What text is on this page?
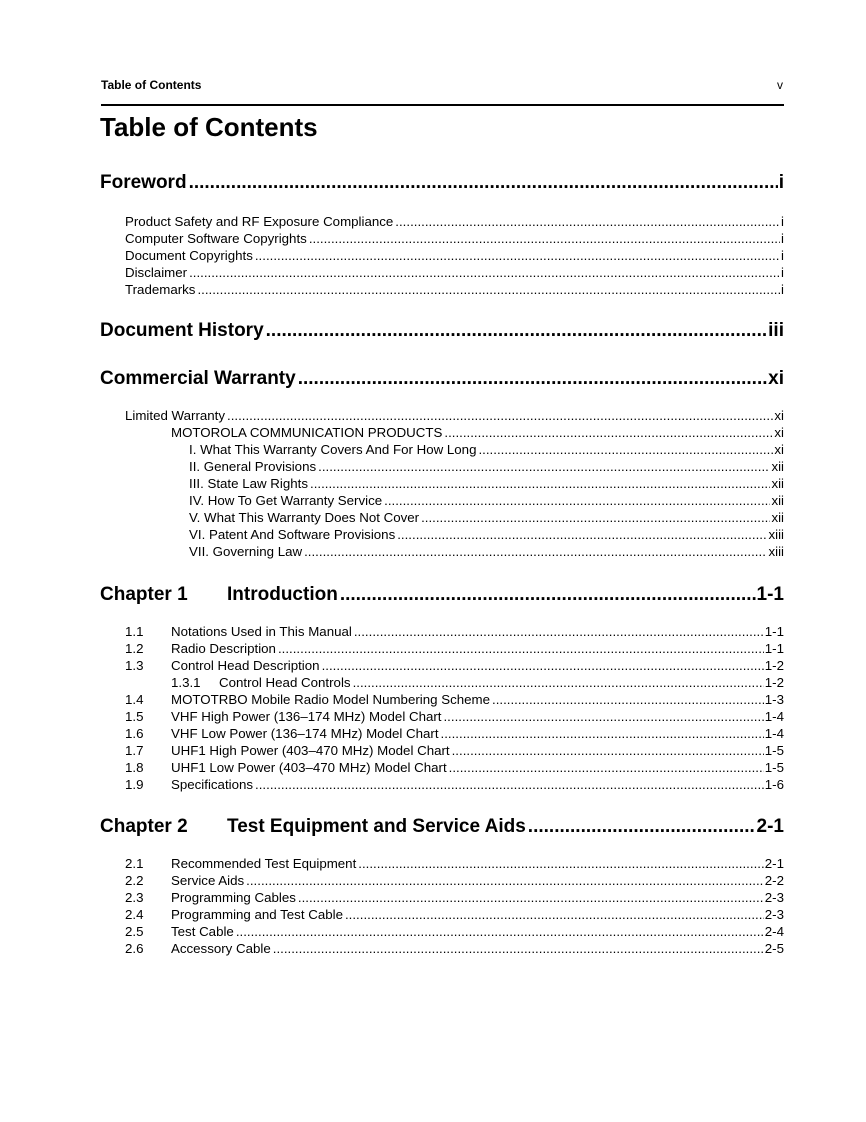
Table of Contents	v
Table of Contents
Foreword .....	i
Product Safety and RF Exposure Compliance .....	i
Computer Software Copyrights .....	i
Document Copyrights .....	i
Disclaimer .....	i
Trademarks .....	i
Document History .....	iii
Commercial Warranty .....	xi
Limited Warranty .....	xi
MOTOROLA COMMUNICATION PRODUCTS .....	xi
I. What This Warranty Covers And For How Long .....	xi
II. General Provisions .....	xii
III. State Law Rights .....	xii
IV. How To Get Warranty Service .....	xii
V. What This Warranty Does Not Cover .....	xii
VI. Patent And Software Provisions .....	xiii
VII. Governing Law .....	xiii
Chapter 1	Introduction .....	1-1
1.1	Notations Used in This Manual .....	1-1
1.2	Radio Description .....	1-1
1.3	Control Head Description .....	1-2
1.3.1	Control Head Controls .....	1-2
1.4	MOTOTRBO Mobile Radio Model Numbering Scheme .....	1-3
1.5	VHF High Power (136–174 MHz) Model Chart .....	1-4
1.6	VHF Low Power (136–174 MHz) Model Chart .....	1-4
1.7	UHF1 High Power (403–470 MHz) Model Chart .....	1-5
1.8	UHF1 Low Power (403–470 MHz) Model Chart .....	1-5
1.9	Specifications .....	1-6
Chapter 2	Test Equipment and Service Aids .....	2-1
2.1	Recommended Test Equipment .....	2-1
2.2	Service Aids .....	2-2
2.3	Programming Cables .....	2-3
2.4	Programming and Test Cable .....	2-3
2.5	Test Cable .....	2-4
2.6	Accessory Cable .....	2-5
